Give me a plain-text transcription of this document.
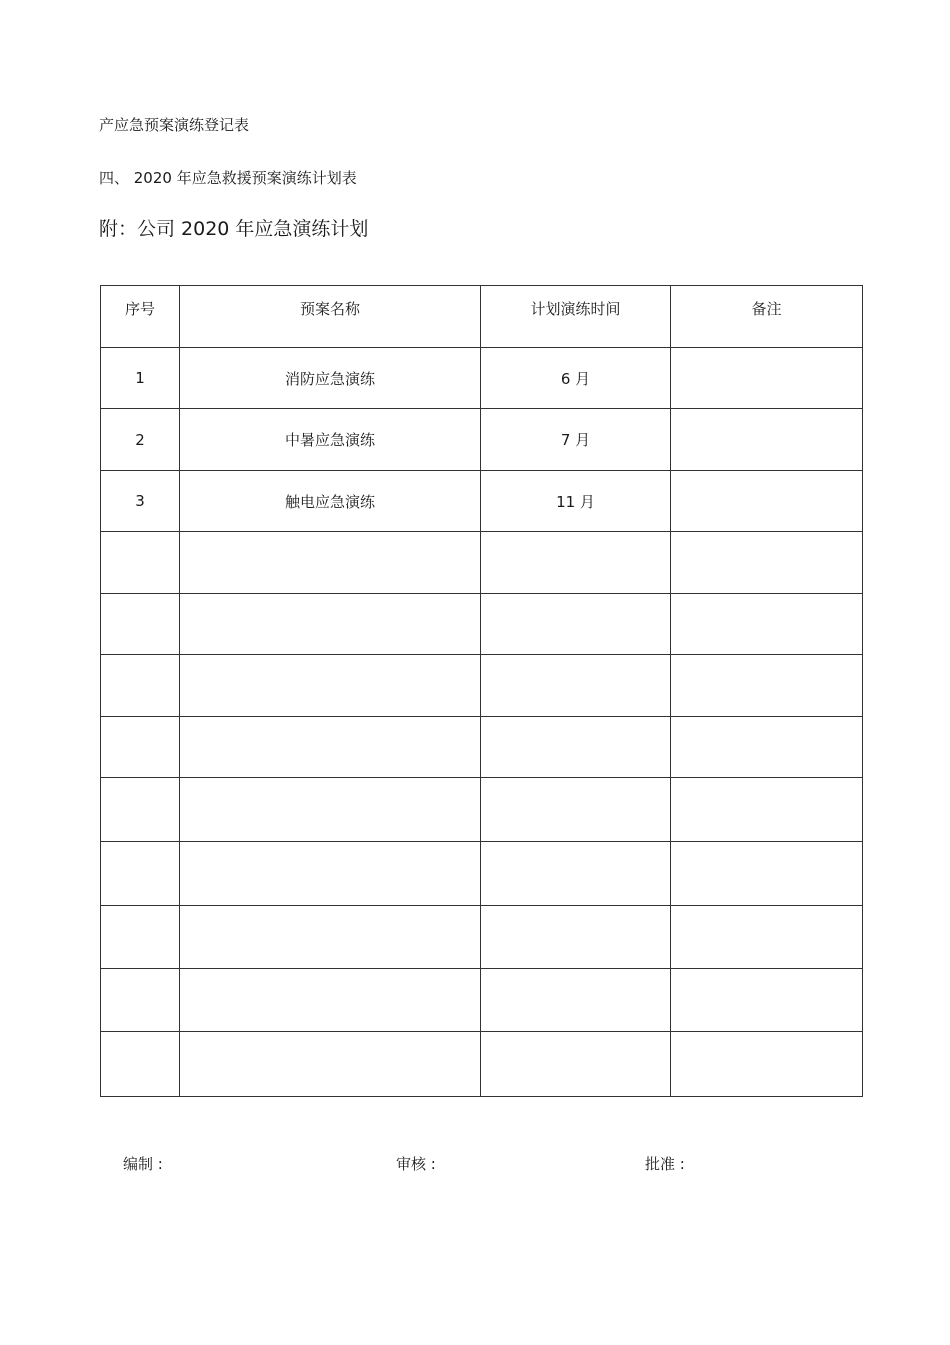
产应急预案演练登记表
四、 2020 年应急救援预案演练计划表
附：公司 2020 年应急演练计划
序号	预案名称	计划演练时间	备注
1	消防应急演练	6 月	
2	中暑应急演练	7 月	
3	触电应急演练	11 月	

编制 :	审核 :	批准 :
